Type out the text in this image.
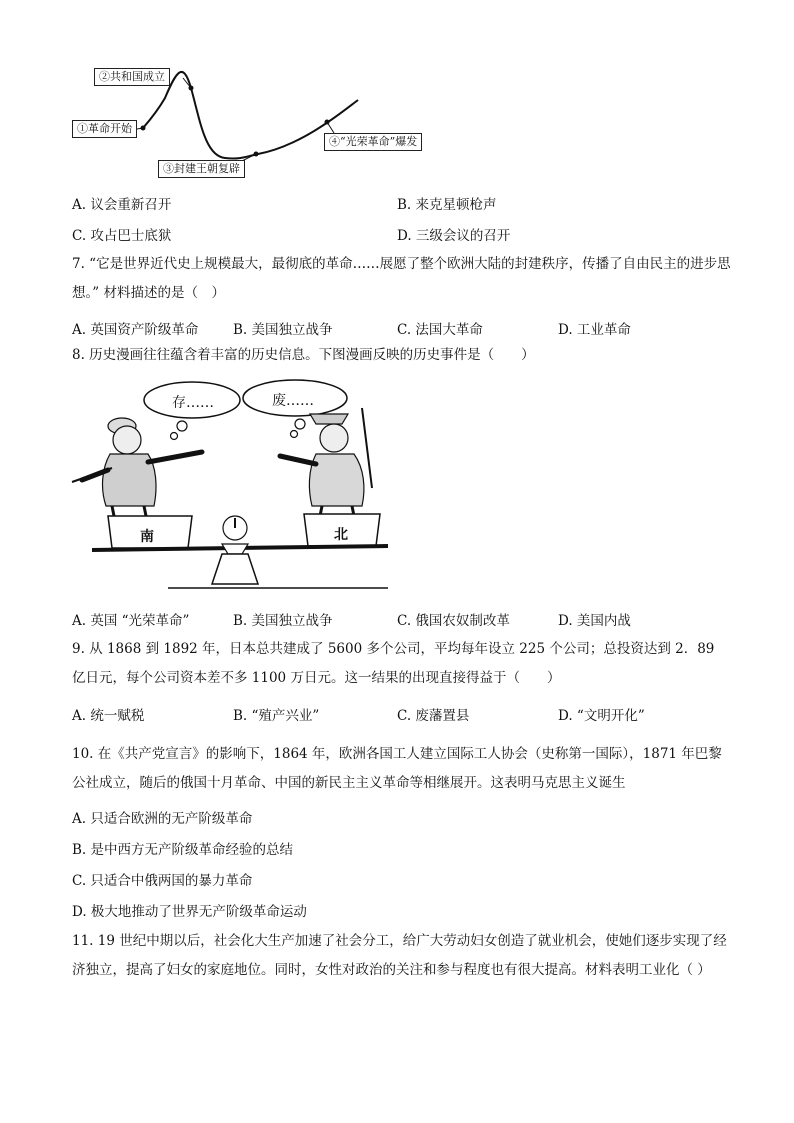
②共和国成立
①革命开始
③封建王朝复辟
④“光荣革命”爆发
A. 议会重新召开	B. 来克星顿枪声
C. 攻占巴士底狱	D. 三级会议的召开
7. “它是世界近代史上规模最大，最彻底的革命……展愿了整个欧洲大陆的封建秩序，传播了自由民主的进步思想。” 材料描述的是（　）
A. 英国资产阶级革命	B. 美国独立战争	C. 法国大革命	D. 工业革命
8. 历史漫画往往蕴含着丰富的历史信息。下图漫画反映的历史事件是（　　）
存……	废……
南	北
A. 英国 “光荣革命”	B. 美国独立战争	C. 俄国农奴制改革	D. 美国内战
9. 从 1868 到 1892 年，日本总共建成了 5600 多个公司，平均每年设立 225 个公司；总投资达到 2．89 亿日元，每个公司资本差不多 1100 万日元。这一结果的出现直接得益于（　　）
A. 统一赋税	B. “殖产兴业”	C. 废藩置县	D. “文明开化”
10. 在《共产党宣言》的影响下，1864 年，欧洲各国工人建立国际工人协会（史称第一国际），1871 年巴黎公社成立，随后的俄国十月革命、中国的新民主主义革命等相继展开。这表明马克思主义诞生
A. 只适合欧洲的无产阶级革命
B. 是中西方无产阶级革命经验的总结
C. 只适合中俄两国的暴力革命
D. 极大地推动了世界无产阶级革命运动
11. 19 世纪中期以后，社会化大生产加速了社会分工，给广大劳动妇女创造了就业机会，使她们逐步实现了经济独立，提高了妇女的家庭地位。同时，女性对政治的关注和参与程度也有很大提高。材料表明工业化（ ）
